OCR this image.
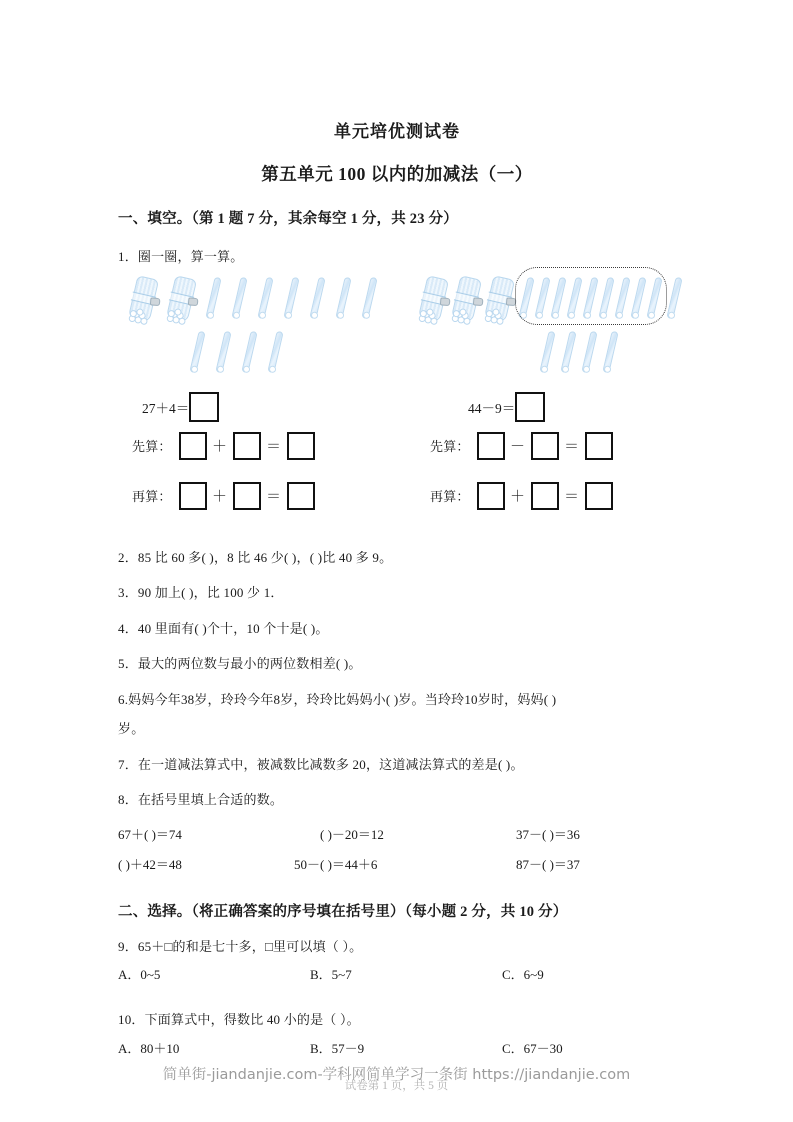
单元培优测试卷
第五单元 100 以内的加减法（一）
一、填空。（第 1 题 7 分，其余每空 1 分，共 23 分）
1．圈一圈，算一算。
27＋4＝	44－9＝
先算：	＋	＝	先算：	－	＝
再算：	＋	＝	再算：	＋	＝
2．85 比 60 多( )，8 比 46 少( )，( )比 40 多 9。
3．90 加上( )，比 100 少 1．
4．40 里面有( )个十，10 个十是( )。
5．最大的两位数与最小的两位数相差( )。
6.妈妈今年38岁，玲玲今年8岁，玲玲比妈妈小( )岁。当玲玲10岁时，妈妈( )
岁。
7．在一道减法算式中，被减数比减数多 20，这道减法算式的差是( )。
8．在括号里填上合适的数。
67＋( )＝74	( )－20＝12	37－( )＝36
( )＋42＝48	50－( )＝44＋6	87－( )＝37
二、选择。（将正确答案的序号填在括号里）（每小题 2 分，共 10 分）
9．65＋□的和是七十多，□里可以填（ ）。
A．0~5	B．5~7	C．6~9
10．下面算式中，得数比 40 小的是（ ）。
A．80＋10	B．57－9	C．67－30
简单街-jiandanjie.com-学科网简单学习一条街 https://jiandanjie.com
试卷第 1 页，共 5 页
